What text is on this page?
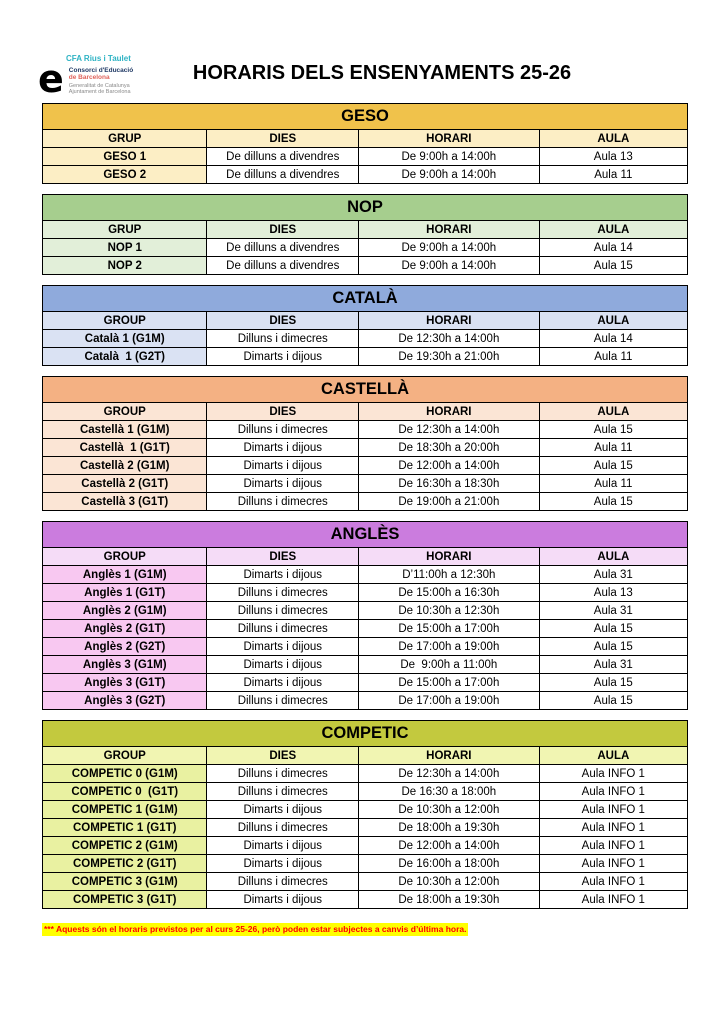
CFA Rius i Taulet
e Consorci d'Educació
de Barcelona
Generalitat de Catalunya
Ajuntament de Barcelona
HORARIS DELS ENSENYAMENTS 25-26
GESO			
GRUP	DIES	HORARI	AULA
GESO 1	De dilluns a divendres	De 9:00h a 14:00h	Aula 13
GESO 2	De dilluns a divendres	De 9:00h a 14:00h	Aula 11
NOP			
GRUP	DIES	HORARI	AULA
NOP 1	De dilluns a divendres	De 9:00h a 14:00h	Aula 14
NOP 2	De dilluns a divendres	De 9:00h a 14:00h	Aula 15
CATALÀ			
GROUP	DIES	HORARI	AULA
Català 1 (G1M)	Dilluns i dimecres	De 12:30h a 14:00h	Aula 14
Català  1 (G2T)	Dimarts i dijous	De 19:30h a 21:00h	Aula 11
CASTELLÀ			
GROUP	DIES	HORARI	AULA
Castellà 1 (G1M)	Dilluns i dimecres	De 12:30h a 14:00h	Aula 15
Castellà  1 (G1T)	Dimarts i dijous	De 18:30h a 20:00h	Aula 11
Castellà 2 (G1M)	Dimarts i dijous	De 12:00h a 14:00h	Aula 15
Castellà 2 (G1T)	Dimarts i dijous	De 16:30h a 18:30h	Aula 11
Castellà 3 (G1T)	Dilluns i dimecres	De 19:00h a 21:00h	Aula 15
ANGLÈS			
GROUP	DIES	HORARI	AULA
Anglès 1 (G1M)	Dimarts i dijous	D’11:00h a 12:30h	Aula 31
Anglès 1 (G1T)	Dilluns i dimecres	De 15:00h a 16:30h	Aula 13
Anglès 2 (G1M)	Dilluns i dimecres	De 10:30h a 12:30h	Aula 31
Anglès 2 (G1T)	Dilluns i dimecres	De 15:00h a 17:00h	Aula 15
Anglès 2 (G2T)	Dimarts i dijous	De 17:00h a 19:00h	Aula 15
Anglès 3 (G1M)	Dimarts i dijous	De  9:00h a 11:00h	Aula 31
Anglès 3 (G1T)	Dimarts i dijous	De 15:00h a 17:00h	Aula 15
Anglès 3 (G2T)	Dilluns i dimecres	De 17:00h a 19:00h	Aula 15
COMPETIC			
GROUP	DIES	HORARI	AULA
COMPETIC 0 (G1M)	Dilluns i dimecres	De 12:30h a 14:00h	Aula INFO 1
COMPETIC 0  (G1T)	Dilluns i dimecres	De 16:30 a 18:00h	Aula INFO 1
COMPETIC 1 (G1M)	Dimarts i dijous	De 10:30h a 12:00h	Aula INFO 1
COMPETIC 1 (G1T)	Dilluns i dimecres	De 18:00h a 19:30h	Aula INFO 1
COMPETIC 2 (G1M)	Dimarts i dijous	De 12:00h a 14:00h	Aula INFO 1
COMPETIC 2 (G1T)	Dimarts i dijous	De 16:00h a 18:00h	Aula INFO 1
COMPETIC 3 (G1M)	Dilluns i dimecres	De 10:30h a 12:00h	Aula INFO 1
COMPETIC 3 (G1T)	Dimarts i dijous	De 18:00h a 19:30h	Aula INFO 1
*** Aquests són el horaris previstos per al curs 25-26, però poden estar subjectes a canvis d’última hora.
